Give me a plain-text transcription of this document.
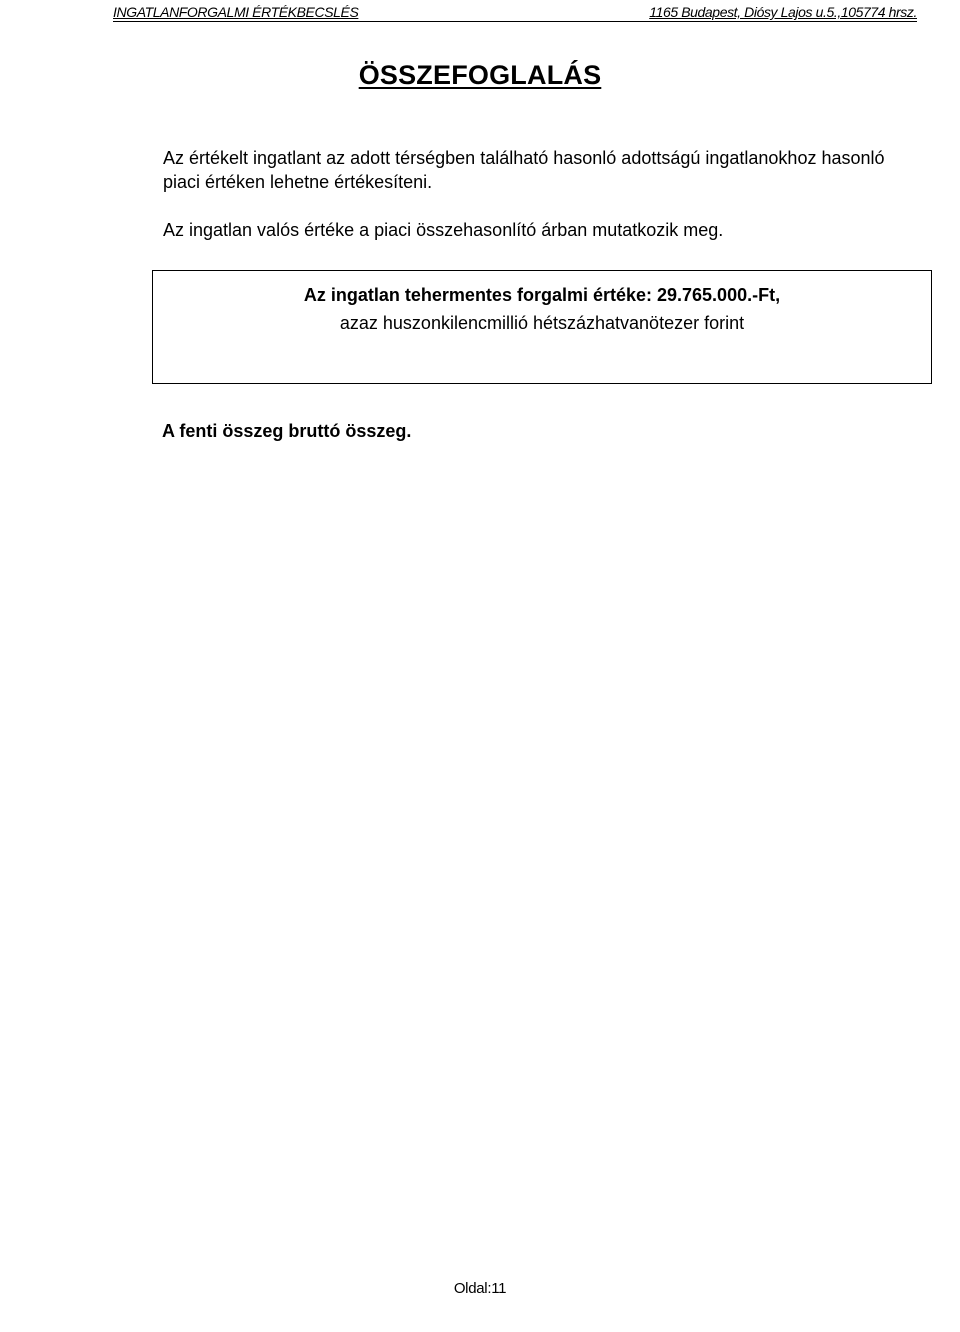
INGATLANFORGALMI ÉRTÉKBECSLÉS	1165 Budapest, Diósy Lajos u.5.,105774 hrsz.
ÖSSZEFOGLALÁS
Az értékelt ingatlant az adott térségben található hasonló adottságú ingatlanokhoz hasonló piaci értéken lehetne értékesíteni.
Az ingatlan valós értéke a piaci összehasonlító árban mutatkozik meg.
Az ingatlan tehermentes forgalmi értéke: 29.765.000.-Ft,
azaz huszonkilencmillió hétszázhatvanötezer forint
A fenti összeg bruttó összeg.
Oldal:11
